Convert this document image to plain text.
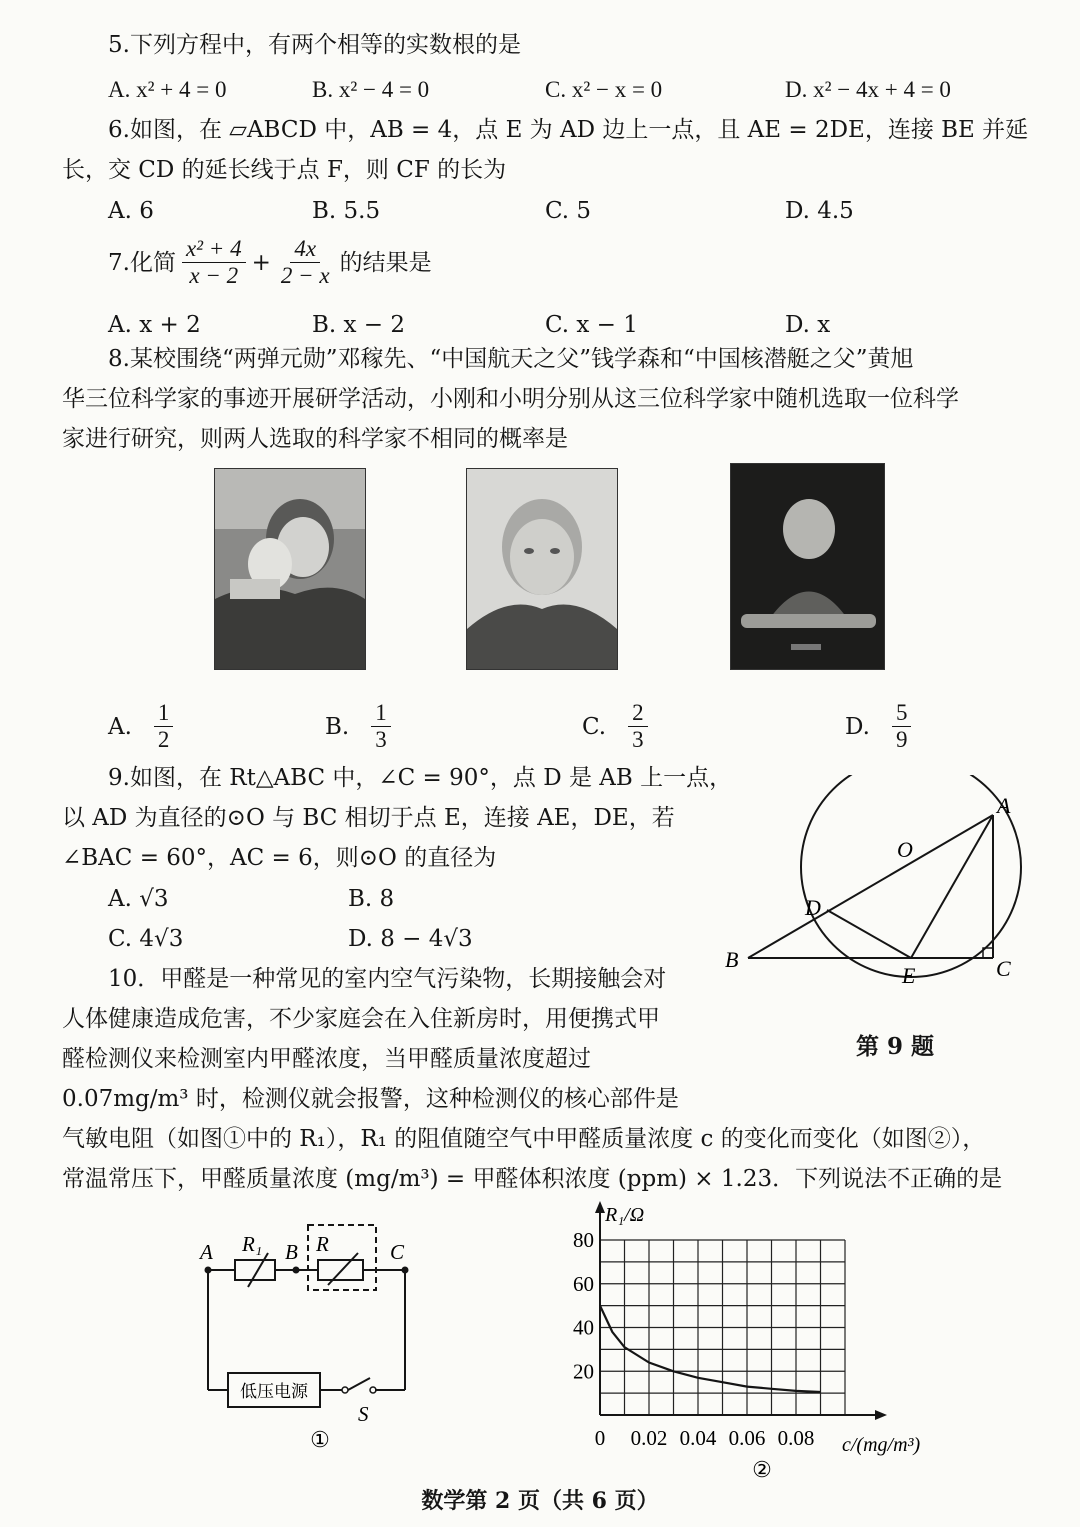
5.下列方程中，有两个相等的实数根的是
A. x² + 4 = 0	B. x² − 4 = 0	C. x² − x = 0	D. x² − 4x + 4 = 0
6.如图，在 ▱ABCD 中，AB = 4，点 E 为 AD 边上一点，且 AE = 2DE，连接 BE 并延
长，交 CD 的延长线于点 F，则 CF 的长为
A. 6	B. 5.5	C. 5	D. 4.5
7.化简 $\frac{\text{x² + 4}}{x - 2} + \frac{4x}{2 - x}$ 的结果是
A. x + 2	B. x − 2	C. x − 1	D. x
8.某校围绕“两弹元勋”邓稼先、“中国航天之父”钱学森和“中国核潜艇之父”黄旭
华三位科学家的事迹开展研学活动，小刚和小明分别从这三位科学家中随机选取一位科学
家进行研究，则两人选取的科学家不相同的概率是
A. $\frac{1}{2}$	B. $\frac{1}{3}$	C. $\frac{2}{3}$	D. $\frac{5}{9}$
9.如图，在 Rt△ABC 中，∠C = 90°，点 D 是 AB 上一点，
以 AD 为直径的⊙O 与 BC 相切于点 E，连接 AE，DE，若
∠BAC = 60°，AC = 6，则⊙O 的直径为
A. √3	B. 8
C. 4√3	D. 8 − 4√3
A
B	C
D
E
O
第 9 题
10．甲醛是一种常见的室内空气污染物，长期接触会对
人体健康造成危害，不少家庭会在入住新房时，用便携式甲
醛检测仪来检测室内甲醛浓度，当甲醛质量浓度超过
0.07mg/m³ 时，检测仪就会报警，这种检测仪的核心部件是
气敏电阻（如图①中的 R₁），R₁ 的阻值随空气中甲醛质量浓度 c 的变化而变化（如图②），
常温常压下，甲醛质量浓度 (mg/m³) = 甲醛体积浓度 (ppm) × 1.23．下列说法不正确的是
A	B	C
R₁	R
S
低压电源
①
20
40
60
80
0 0.02 0.04 0.06 0.08
R₁/Ω
c/(mg/m³)
②
数学第 2 页（共 6 页）
